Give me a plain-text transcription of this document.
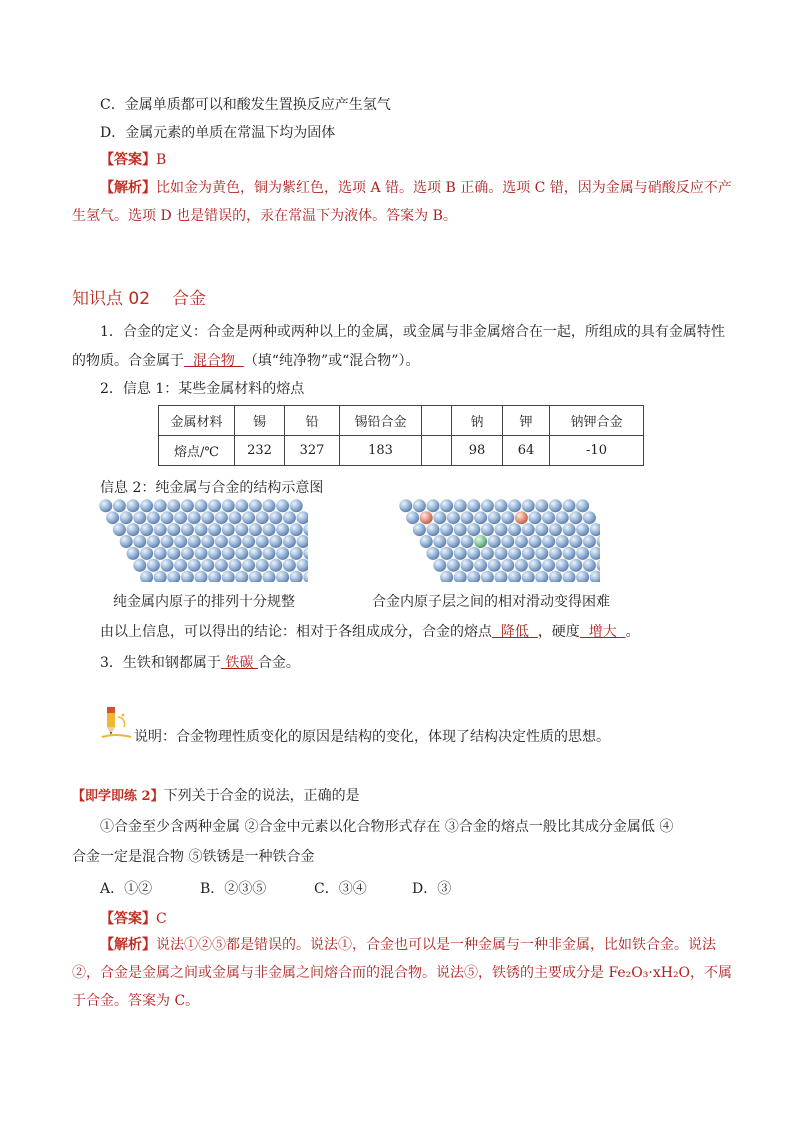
C．金属单质都可以和酸发生置换反应产生氢气
D．金属元素的单质在常温下均为固体
【答案】B
【解析】比如金为黄色，铜为紫红色，选项 A 错。选项 B 正确。选项 C 错，因为金属与硝酸反应不产
生氢气。选项 D 也是错误的，汞在常温下为液体。答案为 B。
知识点 02 合金
1．合金的定义：合金是两种或两种以上的金属，或金属与非金属熔合在一起，所组成的具有金属特性
的物质。合金属于  混合物  （填“纯净物”或“混合物”）。
2．信息 1：某些金属材料的熔点
金属材料	锡	铅	锡铅合金		钠	钾	钠钾合金
熔点/℃	232	327	183		98	64	-10
信息 2：纯金属与合金的结构示意图
纯金属内原子的排列十分规整	合金内原子层之间的相对滑动变得困难
由以上信息，可以得出的结论：相对于各组成成分，合金的熔点  降低  ，硬度  增大  。
3．生铁和钢都属于 铁碳 合金。
说明：合金物理性质变化的原因是结构的变化，体现了结构决定性质的思想。
【即学即练 2】下列关于合金的说法，正确的是
①合金至少含两种金属 ②合金中元素以化合物形式存在 ③合金的熔点一般比其成分金属低 ④
合金一定是混合物 ⑤铁锈是一种铁合金
A．①②	B．②③⑤	C．③④	D．③
【答案】C
【解析】说法①②⑤都是错误的。说法①，合金也可以是一种金属与一种非金属，比如铁合金。说法
②，合金是金属之间或金属与非金属之间熔合而的混合物。说法⑤，铁锈的主要成分是 Fe₂O₃·xH₂O，不属
于合金。答案为 C。
